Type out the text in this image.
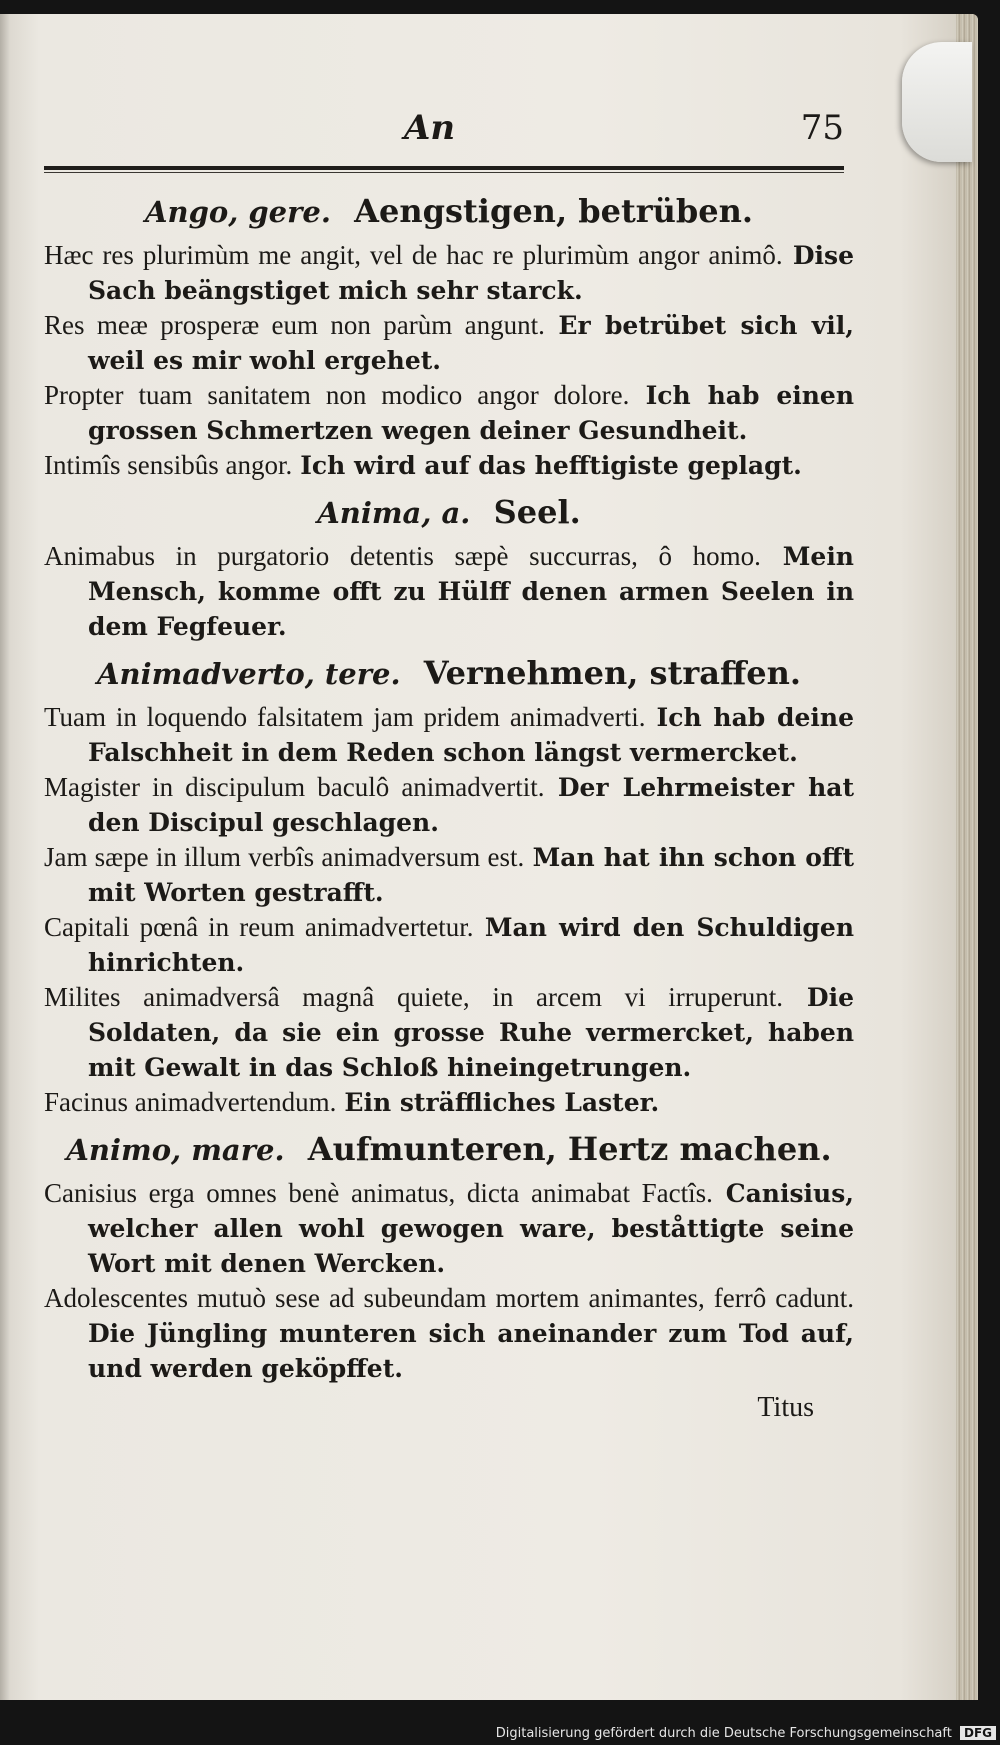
An	75
Ango, gere. Aengstigen, betrüben.

Hæc res plurimùm me angit, vel de hac re plurimùm angor animô. Dise Sach beängstiget mich sehr starck.

Res meæ prosperæ eum non parùm angunt. Er betrübet sich vil, weil es mir wohl ergehet.

Propter tuam sanitatem non modico angor dolore. Ich hab einen grossen Schmertzen wegen deiner Gesundheit.

Intimîs sensibûs angor. Ich wird auf das hefftigiste geplagt.

Anima, a. Seel.

Animabus in purgatorio detentis sæpè succurras, ô homo. Mein Mensch, komme offt zu Hülff denen armen Seelen in dem Fegfeuer.

Animadverto, tere. Vernehmen, straffen.

Tuam in loquendo falsitatem jam pridem animadverti. Ich hab deine Falschheit in dem Reden schon längst vermercket.

Magister in discipulum baculô animadvertit. Der Lehrmeister hat den Discipul geschlagen.

Jam sæpe in illum verbîs animadversum est. Man hat ihn schon offt mit Worten gestrafft.

Capitali pœnâ in reum animadvertetur. Man wird den Schuldigen hinrichten.

Milites animadversâ magnâ quiete, in arcem vi irruperunt. Die Soldaten, da sie ein grosse Ruhe vermercket, haben mit Gewalt in das Schloß hineingetrungen.

Facinus animadvertendum. Ein sträffliches Laster.

Animo, mare. Aufmunteren, Hertz machen.

Canisius erga omnes benè animatus, dicta animabat Factîs. Canisius, welcher allen wohl gewogen ware, beståttigte seine Wort mit denen Wercken.

Adolescentes mutuò sese ad subeundam mortem animantes, ferrô cadunt. Die Jüngling munteren sich aneinander zum Tod auf, und werden geköpffet.

Titus
Digitalisierung gefördert durch die Deutsche Forschungsgemeinschaft DFG
